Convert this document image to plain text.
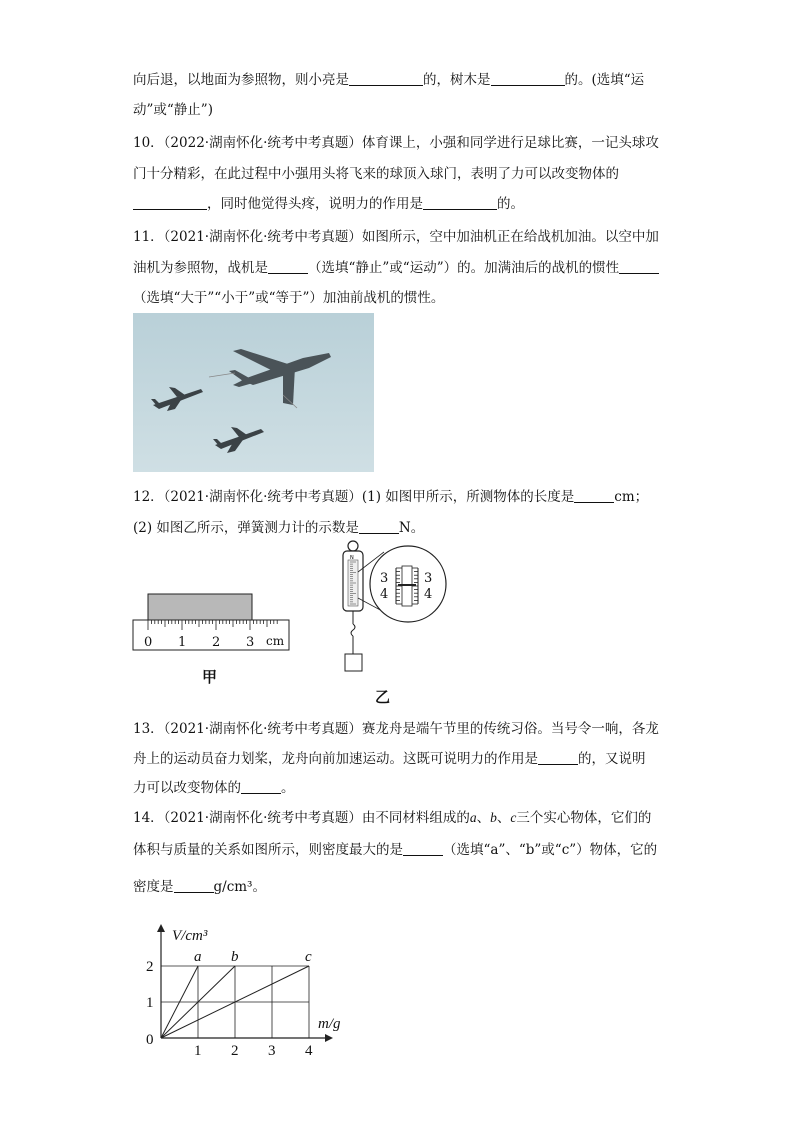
向后退，以地面为参照物，则小亮是	的，树木是	的。(选填“运
动”或“静止”)
10．（2022·湖南怀化·统考中考真题）体育课上，小强和同学进行足球比赛，一记头球攻
门十分精彩，在此过程中小强用头将飞来的球顶入球门，表明了力可以改变物体的
，同时他觉得头疼，说明力的作用是	的。
11．（2021·湖南怀化·统考中考真题）如图所示，空中加油机正在给战机加油。以空中加
油机为参照物，战机是	（选填“静止”或“运动”）的。加满油后的战机的惯性
（选填“大于”“小于”或“等于”）加油前战机的惯性。
12．（2021·湖南怀化·统考中考真题）(1) 如图甲所示，所测物体的长度是	cm；
(2) 如图乙所示，弹簧测力计的示数是	N。
0 1 2 3 cm
甲
N
3
4
3
4
乙
13．（2021·湖南怀化·统考中考真题）赛龙舟是端午节里的传统习俗。当号令一响，各龙
舟上的运动员奋力划桨，龙舟向前加速运动。这既可说明力的作用是	的，又说明
力可以改变物体的	。
14．（2021·湖南怀化·统考中考真题）由不同材料组成的a、b、c三个实心物体，它们的
体积与质量的关系如图所示，则密度最大的是	（选填“a”、“b”或“c”）物体，它的
密度是	g/cm³。
V/cm³
m/g
0
1 2 3 4
1
2
a b	c
